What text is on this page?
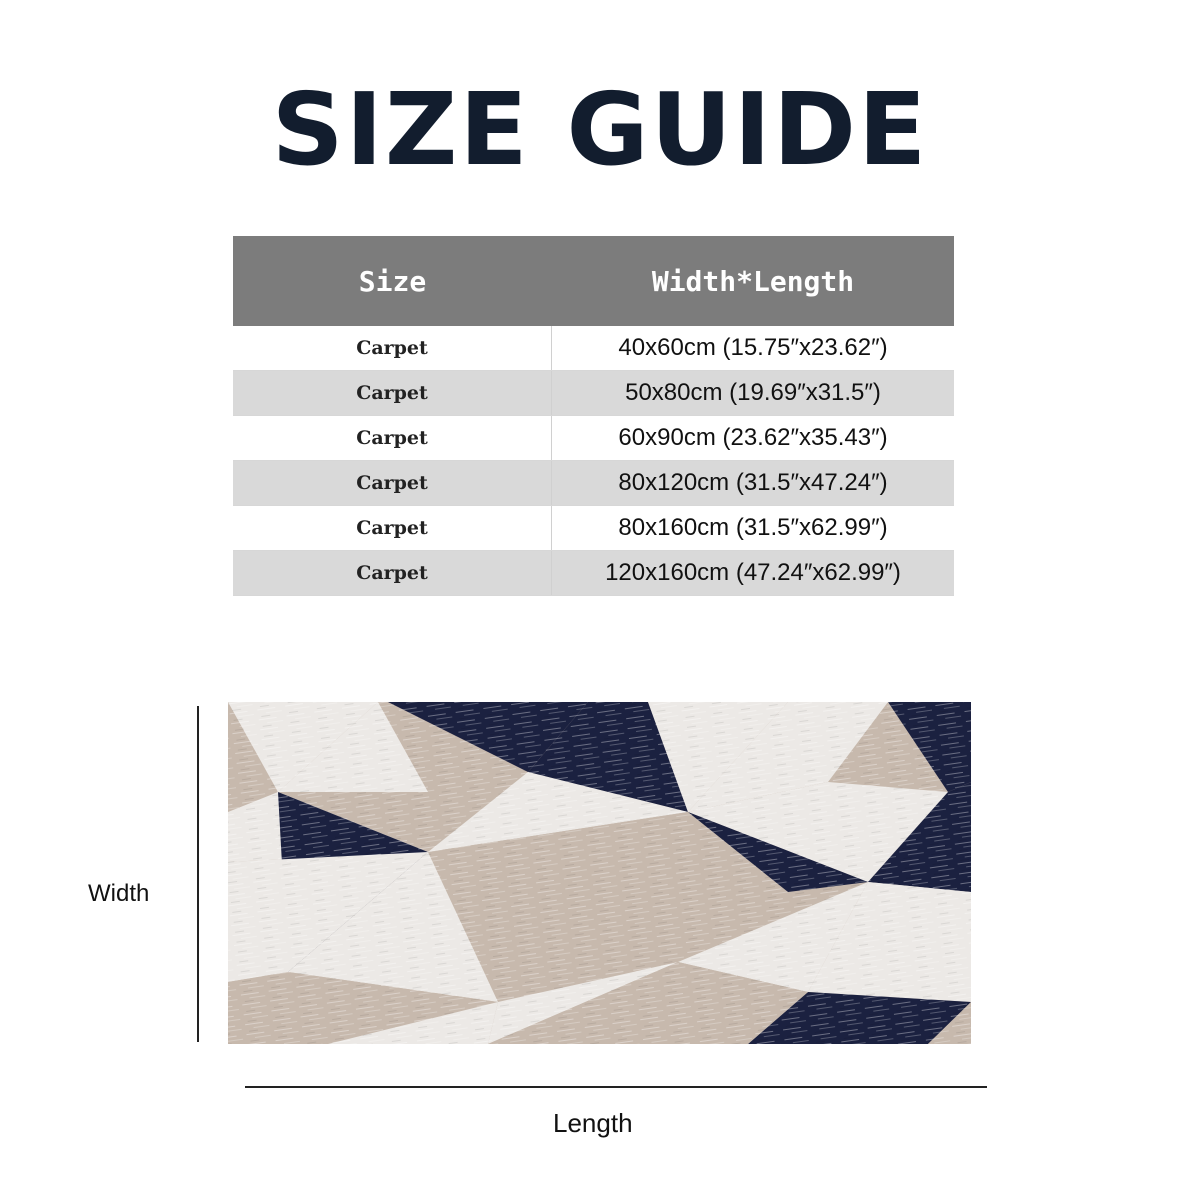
SIZE GUIDE
Size	Width*Length
Carpet	40x60cm (15.75″x23.62″)
Carpet	50x80cm (19.69″x31.5″)
Carpet	60x90cm (23.62″x35.43″)
Carpet	80x120cm (31.5″x47.24″)
Carpet	80x160cm (31.5″x62.99″)
Carpet	120x160cm (47.24″x62.99″)
Width
Length
